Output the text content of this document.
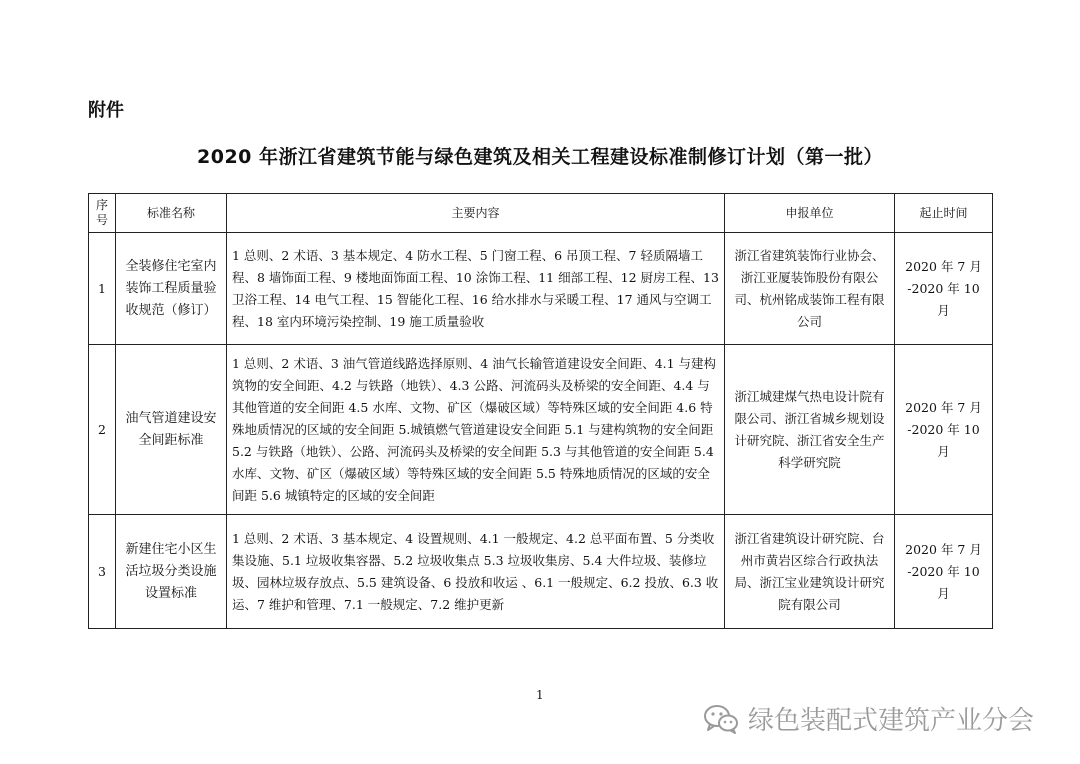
附件
2020 年浙江省建筑节能与绿色建筑及相关工程建设标准制修订计划（第一批）
序号	标准名称	主要内容	申报单位	起止时间
1	全装修住宅室内装饰工程质量验收规范（修订）	1 总则、2 术语、3 基本规定、4 防水工程、5 门窗工程、6 吊顶工程、7 轻质隔墙工程、8 墙饰面工程、9 楼地面饰面工程、10 涂饰工程、11 细部工程、12 厨房工程、13 卫浴工程、14 电气工程、15 智能化工程、16 给水排水与采暖工程、17 通风与空调工程、18 室内环境污染控制、19 施工质量验收	浙江省建筑装饰行业协会、浙江亚厦装饰股份有限公司、杭州铭成装饰工程有限公司	2020 年 7 月 -2020 年 10 月
2	油气管道建设安全间距标准	1 总则、2 术语、3 油气管道线路选择原则、4 油气长输管道建设安全间距、4.1 与建构筑物的安全间距、4.2 与铁路（地铁）、4.3 公路、河流码头及桥梁的安全间距、4.4 与其他管道的安全间距 4.5 水库、文物、矿区（爆破区域）等特殊区域的安全间距 4.6 特殊地质情况的区域的安全间距 5.城镇燃气管道建设安全间距 5.1 与建构筑物的安全间距 5.2 与铁路（地铁）、公路、河流码头及桥梁的安全间距 5.3 与其他管道的安全间距 5.4 水库、文物、矿区（爆破区域）等特殊区域的安全间距 5.5 特殊地质情况的区域的安全间距 5.6 城镇特定的区域的安全间距	浙江城建煤气热电设计院有限公司、浙江省城乡规划设计研究院、浙江省安全生产科学研究院	2020 年 7 月 -2020 年 10 月
3	新建住宅小区生活垃圾分类设施设置标准	1 总则、2 术语、3 基本规定、4 设置规则、4.1 一般规定、4.2 总平面布置、5 分类收集设施、5.1 垃圾收集容器、5.2 垃圾收集点 5.3 垃圾收集房、5.4 大件垃圾、装修垃圾、园林垃圾存放点、5.5 建筑设备、6 投放和收运 、6.1 一般规定、6.2 投放、6.3 收运、7 维护和管理、7.1 一般规定、7.2 维护更新	浙江省建筑设计研究院、台州市黄岩区综合行政执法局、浙江宝业建筑设计研究院有限公司	2020 年 7 月 -2020 年 10 月
1
绿色装配式建筑产业分会
